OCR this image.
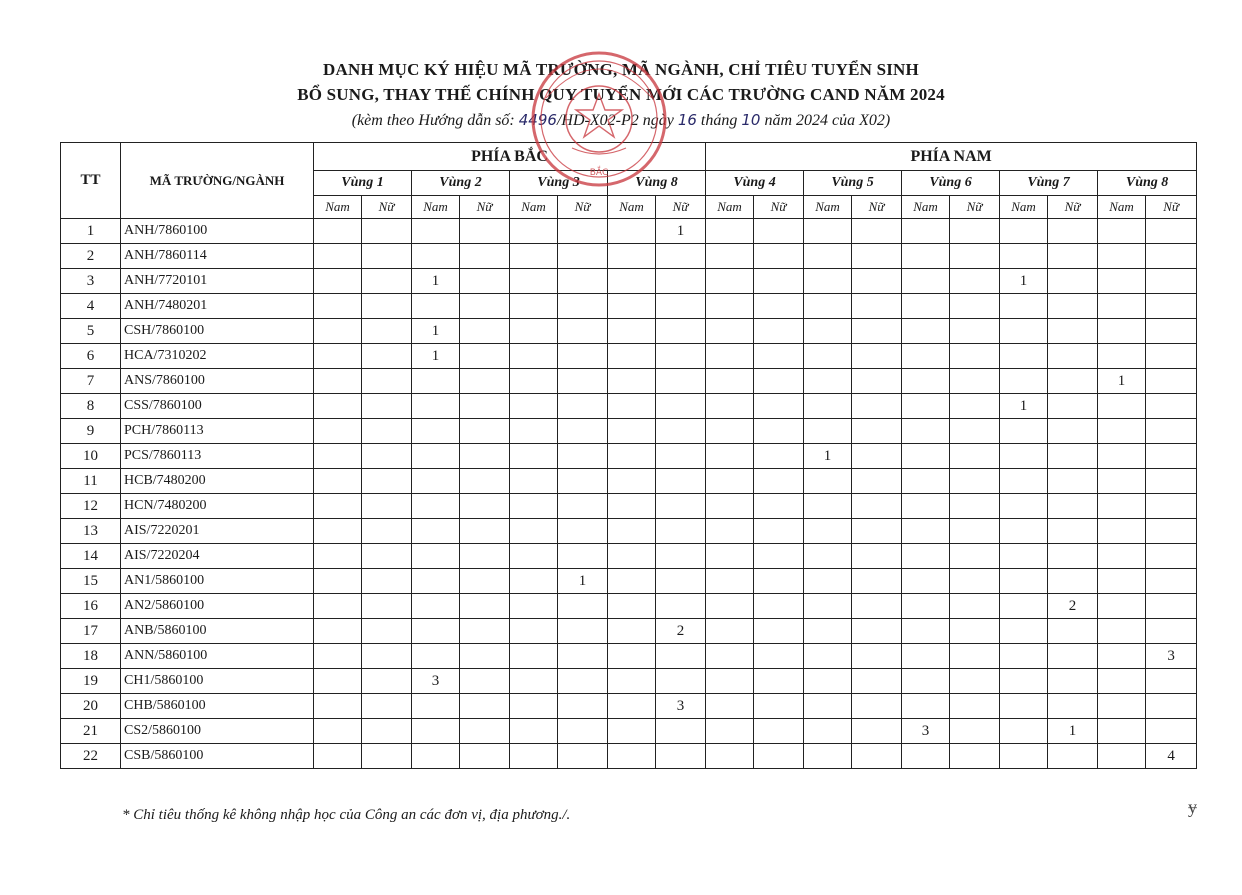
DANH MỤC KÝ HIỆU MÃ TRƯỜNG, MÃ NGÀNH, CHỈ TIÊU TUYỂN SINH
BỔ SUNG, THAY THẾ CHÍNH QUY TUYỂN MỚI CÁC TRƯỜNG CAND NĂM 2024
(kèm theo Hướng dẫn số: 4496/HD-X02-P2 ngày 16 tháng 10 năm 2024 của X02)
TT	MÃ TRƯỜNG/NGÀNH	PHÍA BẮC								PHÍA NAM									
		Vùng 1		Vùng 2		Vùng 3		Vùng 8		Vùng 4		Vùng 5		Vùng 6		Vùng 7		Vùng 8	
		Nam	Nữ	Nam	Nữ	Nam	Nữ	Nam	Nữ	Nam	Nữ	Nam	Nữ	Nam	Nữ	Nam	Nữ	Nam	Nữ
1	ANH/7860100								1										
2	ANH/7860114																		
3	ANH/7720101			1												1			
4	ANH/7480201																		
5	CSH/7860100			1															
6	HCA/7310202			1															
7	ANS/7860100																	1	
8	CSS/7860100															1			
9	PCH/7860113																		
10	PCS/7860113											1							
11	HCB/7480200																		
12	HCN/7480200																		
13	AIS/7220201																		
14	AIS/7220204																		
15	AN1/5860100						1												
16	AN2/5860100																2		
17	ANB/5860100								2										
18	ANN/5860100																		3
19	CH1/5860100			3															
20	CHB/5860100								3										
21	CS2/5860100													3			1		
22	CSB/5860100																		4
BẮC
* Chỉ tiêu thống kê không nhập học của Công an các đơn vị, địa phương./.	ɏ
